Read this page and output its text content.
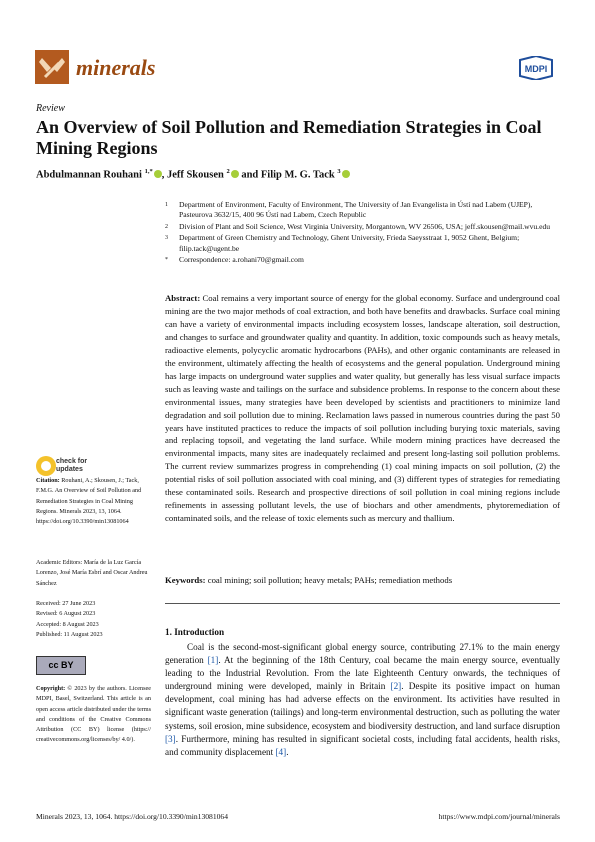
minerals	MDPI
Review
An Overview of Soil Pollution and Remediation Strategies in Coal Mining Regions
Abdulmannan Rouhani $^{1,*}$ , Jeff Skousen $^2$ and Filip M. G. Tack $^3$
1	Department of Environment, Faculty of Environment, The University of Jan Evangelista in Ústí nad Labem (UJEP), Pasteurova 3632/15, 400 96 Ústí nad Labem, Czech Republic
2	Division of Plant and Soil Science, West Virginia University, Morgantown, WV 26506, USA; jeff.skousen@mail.wvu.edu
3	Department of Green Chemistry and Technology, Ghent University, Frieda Saeysstraat 1, 9052 Ghent, Belgium; filip.tack@ugent.be
*	Correspondence: a.rohani70@gmail.com
Abstract: Coal remains a very important source of energy for the global economy. Surface and underground coal mining are the two major methods of coal extraction, and both have benefits and drawbacks. Surface coal mining can have a variety of environmental impacts including ecosystem losses, landscape alteration, soil destruction, and changes to surface and groundwater quality and quantity. In addition, toxic compounds such as heavy metals, radioactive elements, polycyclic aromatic hydrocarbons (PAHs), and other organic contaminants are released in the environment, ultimately affecting the health of ecosystems and the general population. Underground mining has large impacts on underground water supplies and water quality, but generally has less visual surface impacts such as leaving waste and tailings on the surface and subsidence problems. In response to the concern about these environmental issues, many strategies have been developed by scientists and practitioners to minimize land degradation and soil pollution due to mining. Reclamation laws passed in numerous countries during the past 50 years have instituted practices to reduce the impacts of soil pollution including burying toxic materials, saving and replacing topsoil, and vegetating the land surface. While modern mining practices have decreased the environmental impacts, many sites are inadequately reclaimed and present long-lasting soil pollution problems. The current review summarizes progress in comprehending (1) coal mining impacts on soil pollution, (2) the potential risks of soil pollution associated with coal mining, and (3) different types of strategies for remediating these contaminated soils. Research and prospective directions of soil pollution in coal mining regions include refinements in assessing pollutant levels, the use of biochars and other amendments, phytoremediation of contaminated soils, and the release of toxic elements such as mercury and thallium.
Keywords: coal mining; soil pollution; heavy metals; PAHs; remediation methods
check for
updates
Citation: Rouhani, A.; Skousen, J.; Tack, F.M.G. An Overview of Soil Pollution and Remediation Strategies in Coal Mining Regions. Minerals 2023, 13, 1064. https://doi.org/10.3390/min13081064
Academic Editors: María de la Luz García Lorenzo, José María Esbrí and Oscar Andreu Sánchez
Received: 27 June 2023
Revised: 6 August 2023
Accepted: 8 August 2023
Published: 11 August 2023
cc BY
Copyright: © 2023 by the authors. Licensee MDPI, Basel, Switzerland. This article is an open access article distributed under the terms and conditions of the Creative Commons Attribution (CC BY) license (https:// creativecommons.org/licenses/by/ 4.0/).
1. Introduction
Coal is the second-most-significant global energy source, contributing 27.1% to the main energy generation [1]. At the beginning of the 18th Century, coal became the main energy source, eventually leading to the Industrial Revolution. From the late Eighteenth Century onwards, the techniques of underground mining were developed, mainly in Britain [2]. Despite its positive impact on human development, coal mining has had adverse effects on the environment. Its activities have resulted in significant waste generation (tailings) and long-term environmental destruction, such as polluting the water systems, soil erosion, mine subsidence, ecosystem and biodiversity destruction, and land surface disruption [3]. Furthermore, mining has resulted in significant societal costs, including fatal accidents, health risks, and community displacement [4].
Minerals 2023, 13, 1064. https://doi.org/10.3390/min13081064	https://www.mdpi.com/journal/minerals
